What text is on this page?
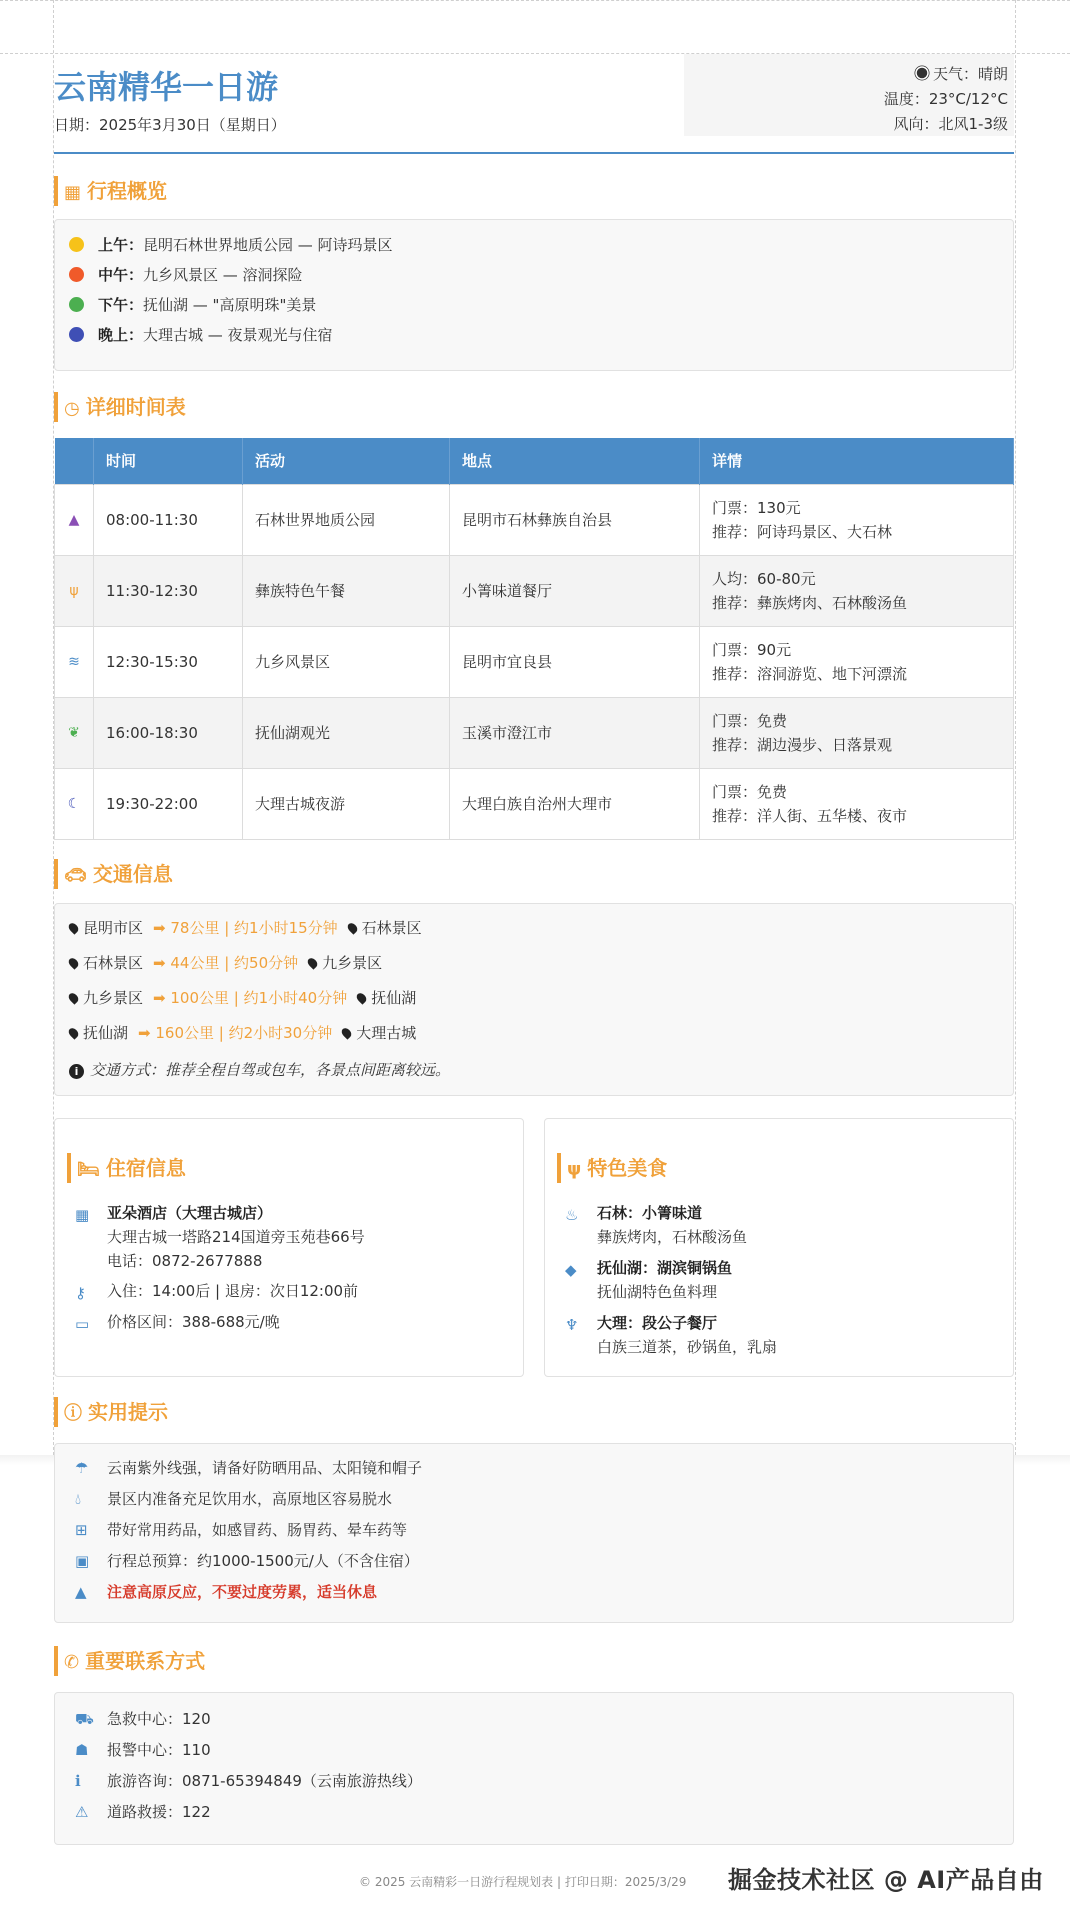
云南精华一日游
日期：2025年3月30日（星期日）
天气：晴朗
温度：23°C/12°C
风向：北风1-3级
▦ 行程概览
上午：昆明石林世界地质公园 — 阿诗玛景区
中午：九乡风景区 — 溶洞探险
下午：抚仙湖 — "高原明珠"美景
晚上：大理古城 — 夜景观光与住宿
◷ 详细时间表
	时间	活动	地点	详情
▲	08:00-11:30	石林世界地质公园	昆明市石林彝族自治县	门票：130元
推荐：阿诗玛景区、大石林

ψ	11:30-12:30	彝族特色午餐	小箐味道餐厅	人均：60-80元
推荐：彝族烤肉、石林酸汤鱼

≋	12:30-15:30	九乡风景区	昆明市宜良县	门票：90元
推荐：溶洞游览、地下河漂流

❦	16:00-18:30	抚仙湖观光	玉溪市澄江市	门票：免费
推荐：湖边漫步、日落景观

☾	19:30-22:00	大理古城夜游	大理白族自治州大理市	门票：免费
推荐：洋人街、五华楼、夜市
🚗︎ 交通信息
昆明市区 ➡ 78公里 | 约1小时15分钟 石林景区
石林景区 ➡ 44公里 | 约50分钟 九乡景区
九乡景区 ➡ 100公里 | 约1小时40分钟 抚仙湖
抚仙湖 ➡ 160公里 | 约2小时30分钟 大理古城
i 交通方式：推荐全程自驾或包车，各景点间距离较远。
🛏︎ 住宿信息
▦ 亚朵酒店（大理古城店）
大理古城一塔路214国道旁玉苑巷66号
电话：0872-2677888
⚷	入住：14:00后 | 退房：次日12:00前
▭ 价格区间：388-688元/晚
ψ 特色美食
♨	石林：小箐味道
彝族烤肉，石林酸汤鱼
◆	抚仙湖：湖滨铜锅鱼
抚仙湖特色鱼料理
♆	大理：段公子餐厅
白族三道茶，砂锅鱼，乳扇
ⓘ 实用提示
☂ 云南紫外线强，请备好防晒用品、太阳镜和帽子
💧︎ 景区内准备充足饮用水，高原地区容易脱水
⊞ 带好常用药品，如感冒药、肠胃药、晕车药等
▣ 行程总预算：约1000-1500元/人（不含住宿）
▲ 注意高原反应，不要过度劳累，适当休息
✆ 重要联系方式
⛟ 急救中心：120
☗ 报警中心：110
ℹ 旅游咨询：0871-65394849（云南旅游热线）
⚠ 道路救援：122
© 2025 云南精彩一日游行程规划表 | 打印日期：2025/3/29 掘金技术社区 @ AI产品自由
